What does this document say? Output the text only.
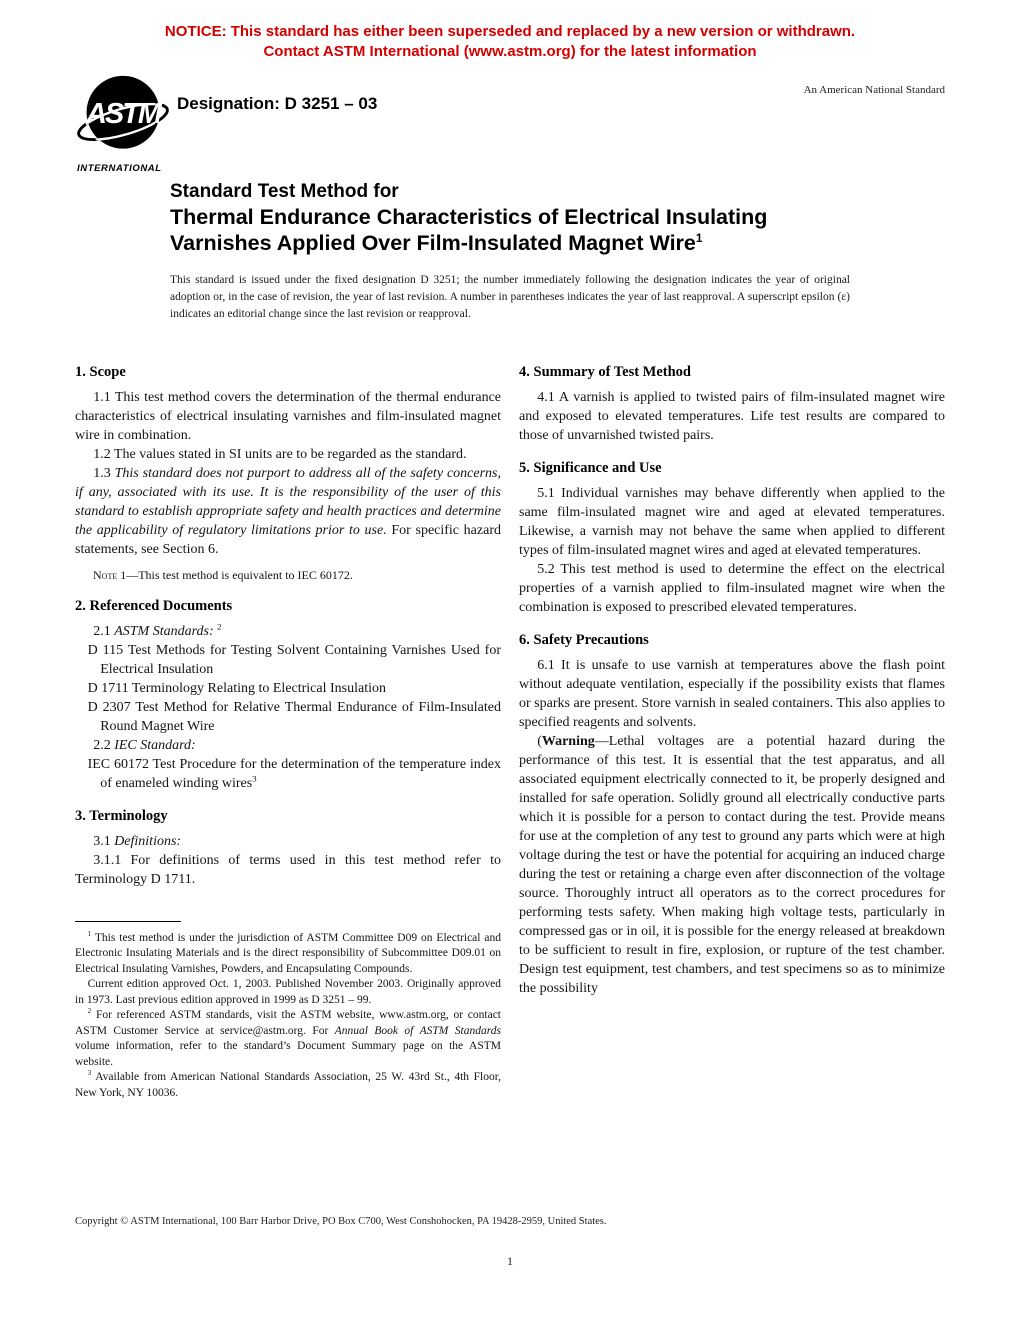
NOTICE: This standard has either been superseded and replaced by a new version or withdrawn.
Contact ASTM International (www.astm.org) for the latest information
ASTM
INTERNATIONAL
Designation: D 3251 – 03
An American National Standard
Standard Test Method for
Thermal Endurance Characteristics of Electrical Insulating
Varnishes Applied Over Film-Insulated Magnet Wire$^1$

This standard is issued under the fixed designation D 3251; the number immediately following the designation indicates the year of original adoption or, in the case of revision, the year of last revision. A number in parentheses indicates the year of last reapproval. A superscript epsilon (ε) indicates an editorial change since the last revision or reapproval.

1. Scope

1.1 This test method covers the determination of the thermal endurance characteristics of electrical insulating varnishes and film-insulated magnet wire in combination.

1.2 The values stated in SI units are to be regarded as the standard.

1.3 This standard does not purport to address all of the safety concerns, if any, associated with its use. It is the responsibility of the user of this standard to establish appropriate safety and health practices and determine the applicability of regulatory limitations prior to use. For specific hazard statements, see Section 6.

Note 1—This test method is equivalent to IEC 60172.

2. Referenced Documents

2.1 ASTM Standards: $^2$

D 115 Test Methods for Testing Solvent Containing Varnishes Used for Electrical Insulation

D 1711 Terminology Relating to Electrical Insulation

D 2307 Test Method for Relative Thermal Endurance of Film-Insulated Round Magnet Wire

2.2 IEC Standard:

IEC 60172 Test Procedure for the determination of the temperature index of enameled winding wires$^3$

3. Terminology

3.1 Definitions:

3.1.1 For definitions of terms used in this test method refer to Terminology D 1711.

$^1$ This test method is under the jurisdiction of ASTM Committee D09 on Electrical and Electronic Insulating Materials and is the direct responsibility of Subcommittee D09.01 on Electrical Insulating Varnishes, Powders, and Encapsulating Compounds.

Current edition approved Oct. 1, 2003. Published November 2003. Originally approved in 1973. Last previous edition approved in 1999 as D 3251 – 99.

$^2$ For referenced ASTM standards, visit the ASTM website, www.astm.org, or contact ASTM Customer Service at service@astm.org. For Annual Book of ASTM Standards volume information, refer to the standard’s Document Summary page on the ASTM website.

$^3$ Available from American National Standards Association, 25 W. 43rd St., 4th Floor, New York, NY 10036.

4. Summary of Test Method

4.1 A varnish is applied to twisted pairs of film-insulated magnet wire and exposed to elevated temperatures. Life test results are compared to those of unvarnished twisted pairs.

5. Significance and Use

5.1 Individual varnishes may behave differently when applied to the same film-insulated magnet wire and aged at elevated temperatures. Likewise, a varnish may not behave the same when applied to different types of film-insulated magnet wires and aged at elevated temperatures.

5.2 This test method is used to determine the effect on the electrical properties of a varnish applied to film-insulated magnet wire when the combination is exposed to prescribed elevated temperatures.

6. Safety Precautions

6.1 It is unsafe to use varnish at temperatures above the flash point without adequate ventilation, especially if the possibility exists that flames or sparks are present. Store varnish in sealed containers. This also applies to specified reagents and solvents.

(Warning—Lethal voltages are a potential hazard during the performance of this test. It is essential that the test apparatus, and all associated equipment electrically connected to it, be properly designed and installed for safe operation. Solidly ground all electrically conductive parts which it is possible for a person to contact during the test. Provide means for use at the completion of any test to ground any parts which were at high voltage during the test or have the potential for acquiring an induced charge during the test or retaining a charge even after disconnection of the voltage source. Thoroughly intruct all operators as to the correct procedures for performing tests safety. When making high voltage tests, particularly in compressed gas or in oil, it is possible for the energy released at breakdown to be sufficient to result in fire, explosion, or rupture of the test chamber. Design test equipment, test chambers, and test specimens so as to minimize the possibility

Copyright © ASTM International, 100 Barr Harbor Drive, PO Box C700, West Conshohocken, PA 19428-2959, United States.
1
